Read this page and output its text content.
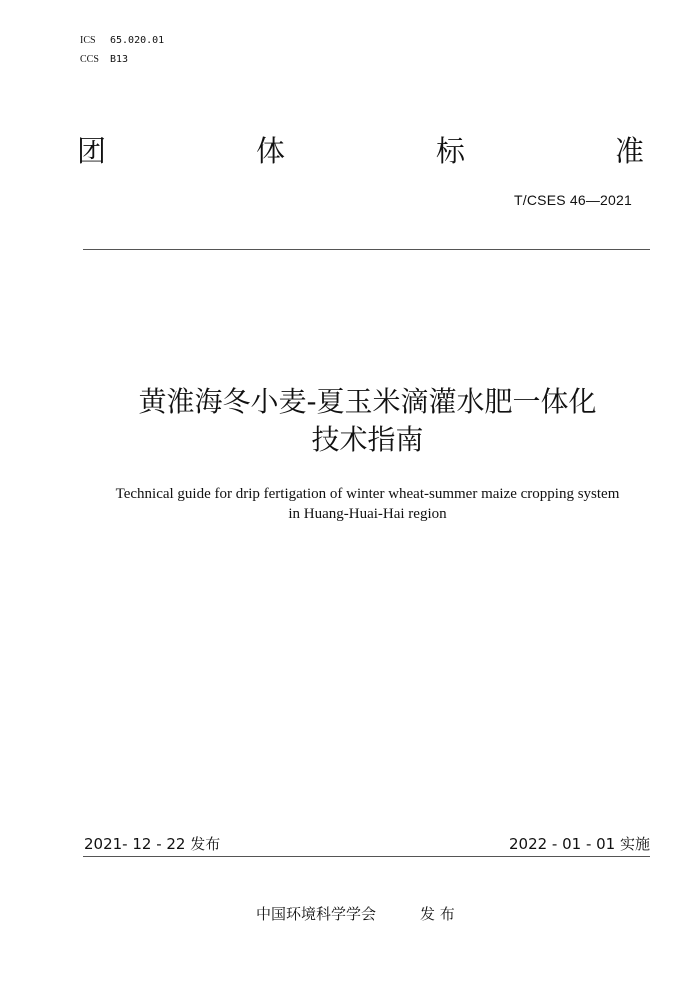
ICS 65.020.01
CCS B13
团	体	标	准
T/CSES 46—2021
黄淮海冬小麦-夏玉米滴灌水肥一体化
技术指南
Technical guide for drip fertigation of winter wheat-summer maize cropping system
in Huang-Huai-Hai region
2021- 12 - 22 发布	2022 - 01 - 01 实施
中国环境科学学会	发 布
